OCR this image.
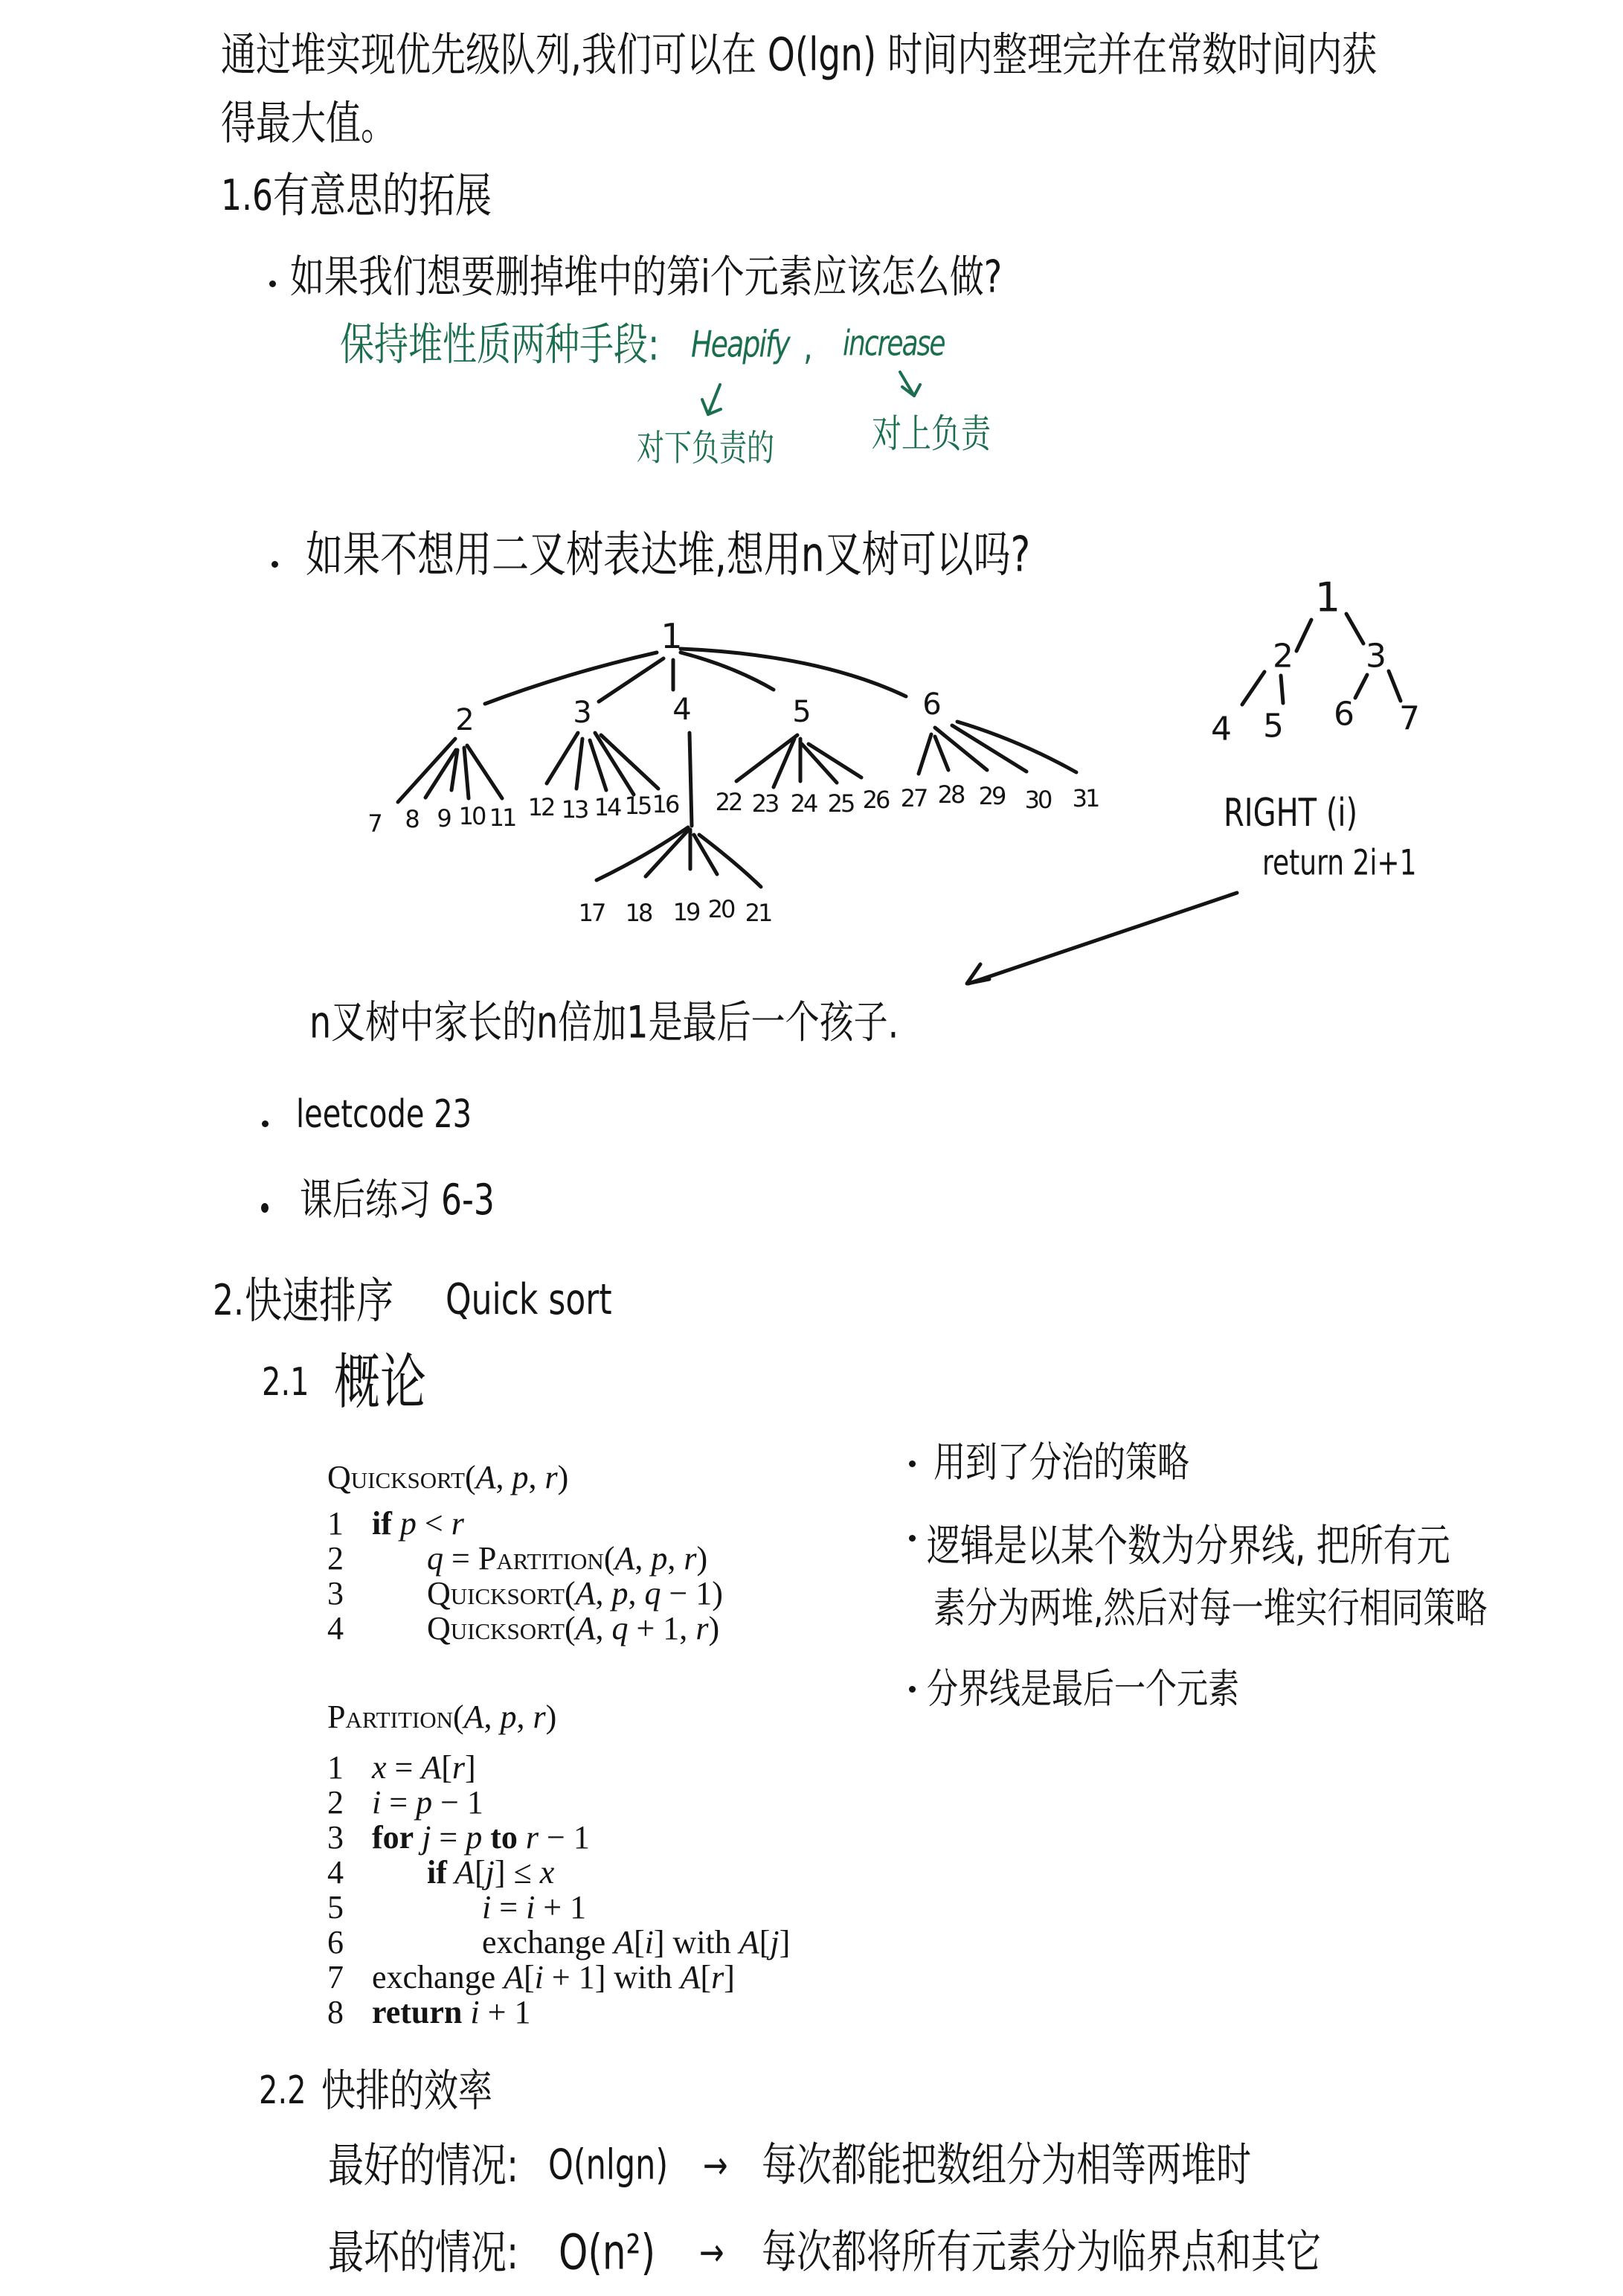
1
2	3	4	5	6
7 8 9 10 11 12 13 14 15 16
17 18 19 20 21
22 23 24 25 26 27 28 29 30 31
1
2 3
4 5 6 7
通过堆实现优先级队列,我们可以在 O(lgn) 时间内整理完并在常数时间内获
得最大值。
1.6 有意思的拓展
如果我们想要删掉堆中的第i个元素应该怎么做?
保持堆性质两种手段: Heapify , increase
对下负责的	对上负责
如果不想用二叉树表达堆,想用n叉树可以吗?
RIGHT (i)
return 2i+1
n叉树中家长的n倍加1是最后一个孩子.
leetcode 23
课后练习 6-3
2. 快速排序 Quick sort
2.1 概论
Quicksort(A, p, r)

1

if p < r

2

	q = Partition(A, p, r)

3

	quicksort(A, p, q − 1)

4

	quicksort(A, q + 1, r)

Partition(A, p, r)

1

x = A[r]

2

i = p − 1

3

for j = p to r − 1

4

	if A[j] ≤ x

5

	i = i + 1

6

	exchange A[i] with A[j]

7

exchange A[i + 1] with A[r]

8

return i + 1

用到了分治的策略
逻辑是以某个数为分界线, 把所有元
素分为两堆,然后对每一堆实行相同策略
分界线是最后一个元素
2.2 快排的效率
最好的情况: O(nlgn) → 每次都能把数组分为相等两堆时
最坏的情况: O(n²) → 每次都将所有元素分为临界点和其它
